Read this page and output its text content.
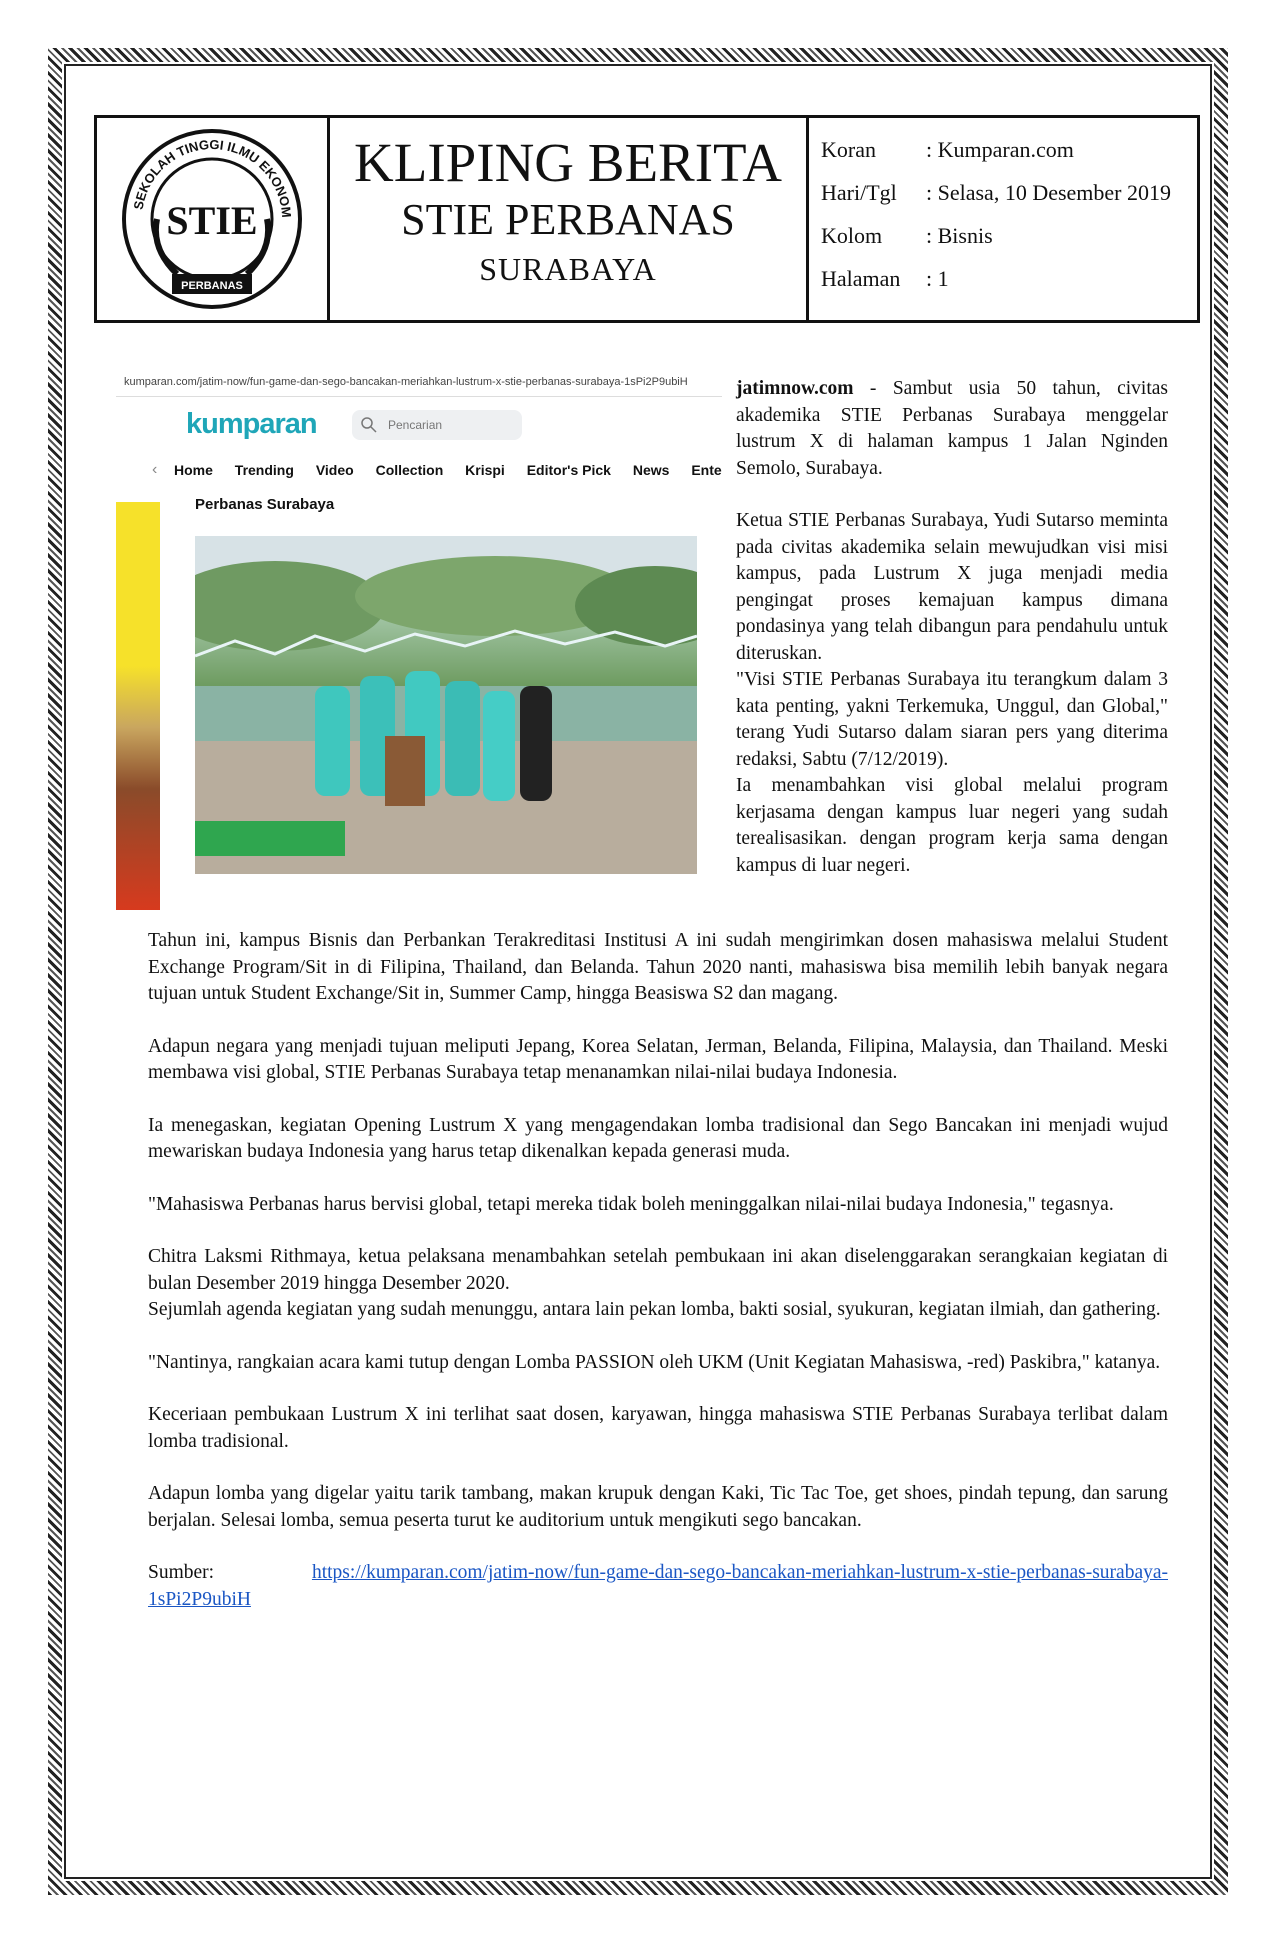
SEKOLAH TINGGI ILMU EKONOM
STIE
PERBANAS
KLIPING BERITA
STIE PERBANAS
SURABAYA
Koran	: Kumparan.com
Hari/Tgl	: Selasa, 10 Desember 2019
Kolom	: Bisnis
Halaman	: 1
kumparan.com/jatim-now/fun-game-dan-sego-bancakan-meriahkan-lustrum-x-stie-perbanas-surabaya-1sPi2P9ubiH
kumparan	Pencarian
‹ Home Trending Video Collection Krispi Editor's Pick News Ente
Perbanas Surabaya

jatimnow.com - Sambut usia 50 tahun, civitas akademika STIE Perbanas Surabaya menggelar lustrum X di halaman kampus 1 Jalan Nginden Semolo, Surabaya.

Ketua STIE Perbanas Surabaya, Yudi Sutarso meminta pada civitas akademika selain mewujudkan visi misi kampus, pada Lustrum X juga menjadi media pengingat proses kemajuan kampus dimana pondasinya yang telah dibangun para pendahulu untuk diteruskan.

"Visi STIE Perbanas Surabaya itu terangkum dalam 3 kata penting, yakni Terkemuka, Unggul, dan Global," terang Yudi Sutarso dalam siaran pers yang diterima redaksi, Sabtu (7/12/2019).

Ia menambahkan visi global melalui program kerjasama dengan kampus luar negeri yang sudah terealisasikan. dengan program kerja sama dengan kampus di luar negeri.

Tahun ini, kampus Bisnis dan Perbankan Terakreditasi Institusi A ini sudah mengirimkan dosen mahasiswa melalui Student Exchange Program/Sit in di Filipina, Thailand, dan Belanda. Tahun 2020 nanti, mahasiswa bisa memilih lebih banyak negara tujuan untuk Student Exchange/Sit in, Summer Camp, hingga Beasiswa S2 dan magang.

Adapun negara yang menjadi tujuan meliputi Jepang, Korea Selatan, Jerman, Belanda, Filipina, Malaysia, dan Thailand. Meski membawa visi global, STIE Perbanas Surabaya tetap menanamkan nilai-nilai budaya Indonesia.

Ia menegaskan, kegiatan Opening Lustrum X yang mengagendakan lomba tradisional dan Sego Bancakan ini menjadi wujud mewariskan budaya Indonesia yang harus tetap dikenalkan kepada generasi muda.

"Mahasiswa Perbanas harus bervisi global, tetapi mereka tidak boleh meninggalkan nilai-nilai budaya Indonesia," tegasnya.

Chitra Laksmi Rithmaya, ketua pelaksana menambahkan setelah pembukaan ini akan diselenggarakan serangkaian kegiatan di bulan Desember 2019 hingga Desember 2020.

Sejumlah agenda kegiatan yang sudah menunggu, antara lain pekan lomba, bakti sosial, syukuran, kegiatan ilmiah, dan gathering.

"Nantinya, rangkaian acara kami tutup dengan Lomba PASSION oleh UKM (Unit Kegiatan Mahasiswa, -red) Paskibra," katanya.

Keceriaan pembukaan Lustrum X ini terlihat saat dosen, karyawan, hingga mahasiswa STIE Perbanas Surabaya terlibat dalam lomba tradisional.

Adapun lomba yang digelar yaitu tarik tambang, makan krupuk dengan Kaki, Tic Tac Toe, get shoes, pindah tepung, dan sarung berjalan. Selesai lomba, semua peserta turut ke auditorium untuk mengikuti sego bancakan.

Sumber:	https://kumparan.com/jatim-now/fun-game-dan-sego-bancakan-meriahkan-lustrum-x-stie-perbanas-surabaya-1sPi2P9ubiH
